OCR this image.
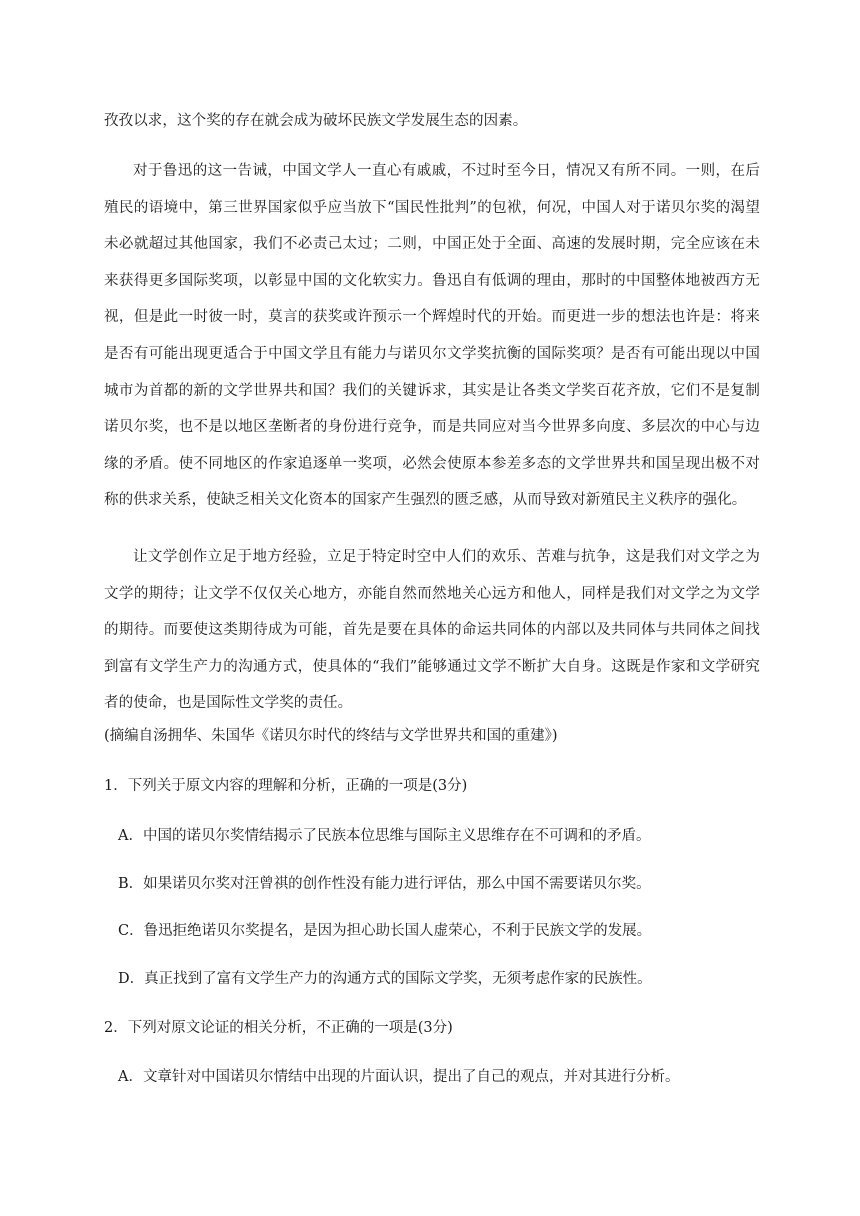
孜孜以求，这个奖的存在就会成为破坏民族文学发展生态的因素。

对于鲁迅的这一告诫，中国文学人一直心有戚戚，不过时至今日，情况又有所不同。一则，在后殖民的语境中，第三世界国家似乎应当放下“国民性批判”的包袱，何况，中国人对于诺贝尔奖的渴望未必就超过其他国家，我们不必责己太过；二则，中国正处于全面、高速的发展时期，完全应该在未来获得更多国际奖项，以彰显中国的文化软实力。鲁迅自有低调的理由，那时的中国整体地被西方无视，但是此一时彼一时，莫言的获奖或许预示一个辉煌时代的开始。而更进一步的想法也许是：将来是否有可能出现更适合于中国文学且有能力与诺贝尔文学奖抗衡的国际奖项？是否有可能出现以中国城市为首都的新的文学世界共和国？我们的关键诉求，其实是让各类文学奖百花齐放，它们不是复制诺贝尔奖，也不是以地区垄断者的身份进行竞争，而是共同应对当今世界多向度、多层次的中心与边缘的矛盾。使不同地区的作家追逐单一奖项，必然会使原本参差多态的文学世界共和国呈现出极不对称的供求关系，使缺乏相关文化资本的国家产生强烈的匮乏感，从而导致对新殖民主义秩序的强化。

让文学创作立足于地方经验，立足于特定时空中人们的欢乐、苦难与抗争，这是我们对文学之为文学的期待；让文学不仅仅关心地方，亦能自然而然地关心远方和他人，同样是我们对文学之为文学的期待。而要使这类期待成为可能，首先是要在具体的命运共同体的内部以及共同体与共同体之间找到富有文学生产力的沟通方式，使具体的“我们”能够通过文学不断扩大自身。这既是作家和文学研究者的使命，也是国际性文学奖的责任。

(摘编自汤拥华、朱国华《诺贝尔时代的终结与文学世界共和国的重建》)

1．下列关于原文内容的理解和分析，正确的一项是(3分)

A．中国的诺贝尔奖情结揭示了民族本位思维与国际主义思维存在不可调和的矛盾。

B．如果诺贝尔奖对汪曾祺的创作性没有能力进行评估，那么中国不需要诺贝尔奖。

C．鲁迅拒绝诺贝尔奖提名，是因为担心助长国人虚荣心，不利于民族文学的发展。

D．真正找到了富有文学生产力的沟通方式的国际文学奖，无须考虑作家的民族性。

2．下列对原文论证的相关分析，不正确的一项是(3分)

A．文章针对中国诺贝尔情结中出现的片面认识，提出了自己的观点，并对其进行分析。
